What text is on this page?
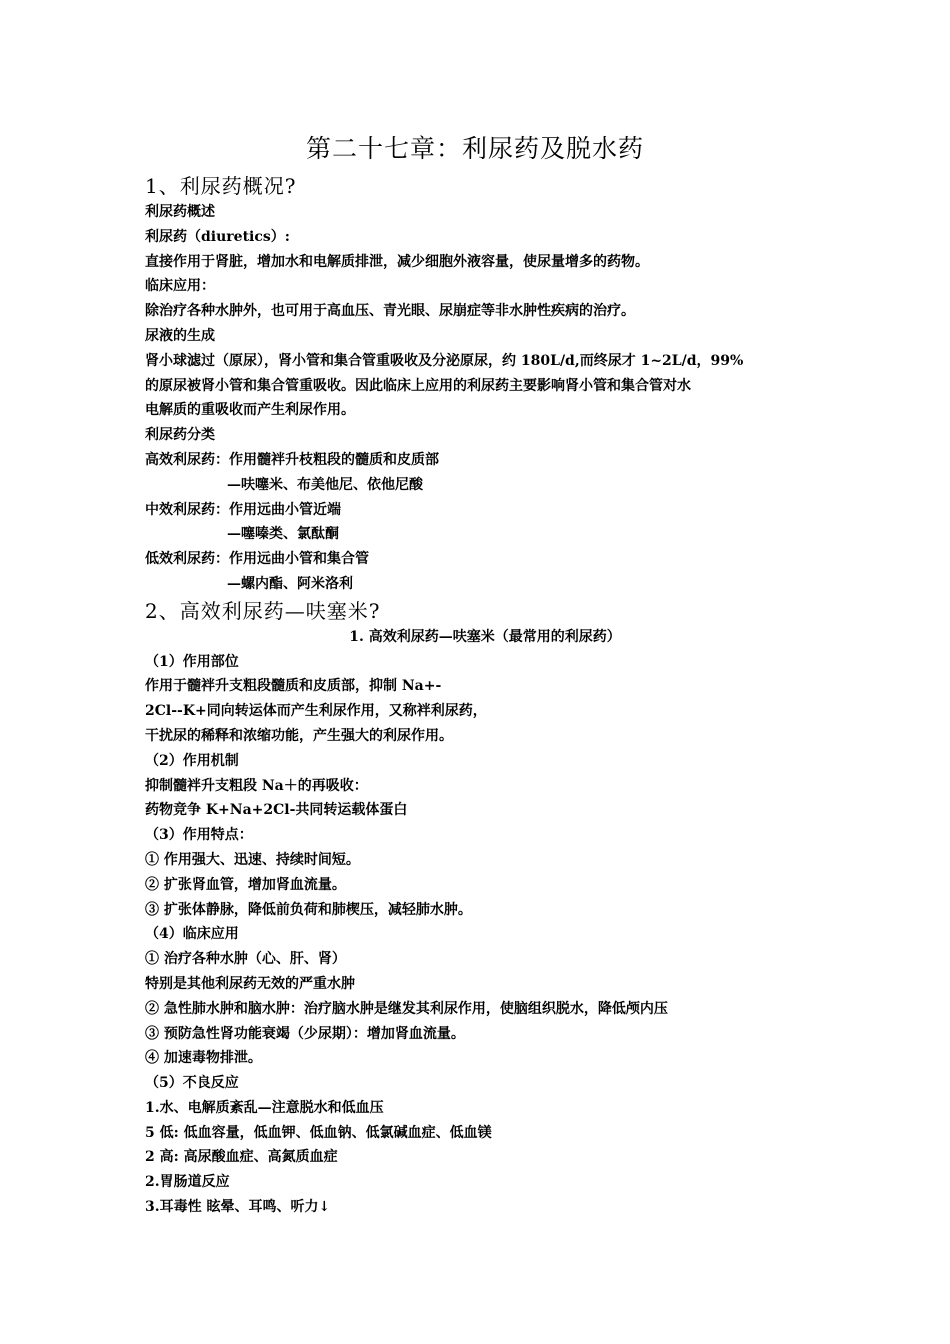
第二十七章：利尿药及脱水药
1、利尿药概况?
利尿药概述
利尿药（diuretics）:
直接作用于肾脏，增加水和电解质排泄，减少细胞外液容量，使尿量增多的药物。
临床应用：
除治疗各种水肿外，也可用于高血压、青光眼、尿崩症等非水肿性疾病的治疗。
尿液的生成
肾小球滤过（原尿），肾小管和集合管重吸收及分泌原尿，约 180L/d,而终尿才 1~2L/d，99%
的原尿被肾小管和集合管重吸收。因此临床上应用的利尿药主要影响肾小管和集合管对水
电解质的重吸收而产生利尿作用。
利尿药分类
高效利尿药：作用髓袢升枝粗段的髓质和皮质部
—呋噻米、布美他尼、依他尼酸
中效利尿药：作用远曲小管近端
—噻嗪类、氯酞酮
低效利尿药：作用远曲小管和集合管
—螺内酯、阿米洛利
2、高效利尿药—呋塞米?
1. 高效利尿药—呋塞米（最常用的利尿药）
（1）作用部位
作用于髓袢升支粗段髓质和皮质部，抑制 Na+-
2Cl--K+同向转运体而产生利尿作用，又称袢利尿药，
干扰尿的稀释和浓缩功能，产生强大的利尿作用。
（2）作用机制
抑制髓袢升支粗段 Na＋的再吸收：
药物竞争 K+Na+2Cl-共同转运载体蛋白
（3）作用特点：
① 作用强大、迅速、持续时间短。
② 扩张肾血管，增加肾血流量。
③ 扩张体静脉，降低前负荷和肺楔压，减轻肺水肿。
（4）临床应用
① 治疗各种水肿（心、肝、肾）
特别是其他利尿药无效的严重水肿
② 急性肺水肿和脑水肿：治疗脑水肿是继发其利尿作用，使脑组织脱水，降低颅内压
③ 预防急性肾功能衰竭（少尿期）：增加肾血流量。
④ 加速毒物排泄。
（5）不良反应
1.水、电解质紊乱—注意脱水和低血压
5 低: 低血容量，低血钾、低血钠、低氯碱血症、低血镁
2 高: 高尿酸血症、高氮质血症
2.胃肠道反应
3.耳毒性 眩晕、耳鸣、听力↓
